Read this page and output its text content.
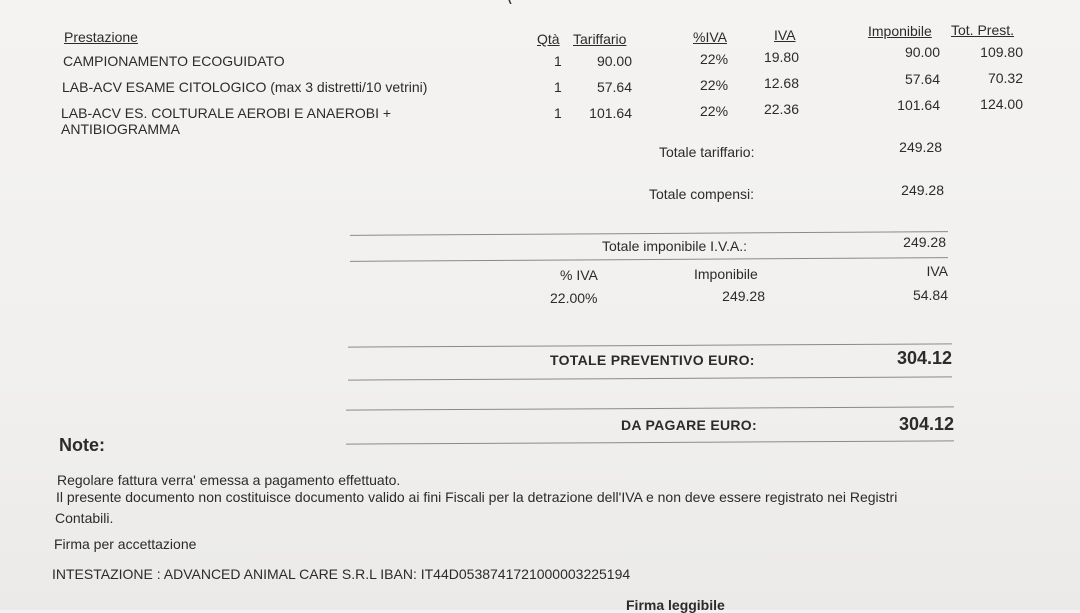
Prestazione	Qtà Tariffario	%IVA	IVA	Imponibile Tot. Prest.
CAMPIONAMENTO ECOGUIDATO	1	90.00	22%	19.80	90.00	109.80
LAB-ACV ESAME CITOLOGICO (max 3 distretti/10 vetrini)	1	57.64	22%	12.68	57.64	70.32
LAB-ACV ES. COLTURALE AEROBI E ANAEROBI +
ANTIBIOGRAMMA
1	101.64	22%	22.36	101.64	124.00
Totale tariffario:	249.28
Totale compensi:	249.28
Totale imponibile I.V.A.:	249.28
% IVA	Imponibile	IVA
22.00%	249.28	54.84
TOTALE PREVENTIVO EURO:	304.12
DA PAGARE EURO:	304.12
Note:
Regolare fattura verra' emessa a pagamento effettuato.
Il presente documento non costituisce documento valido ai fini Fiscali per la detrazione dell'IVA e non deve essere registrato nei Registri
Contabili.
Firma per accettazione
INTESTAZIONE : ADVANCED ANIMAL CARE S.R.L IBAN: IT44D0538741721000003225194
Firma leggibile
